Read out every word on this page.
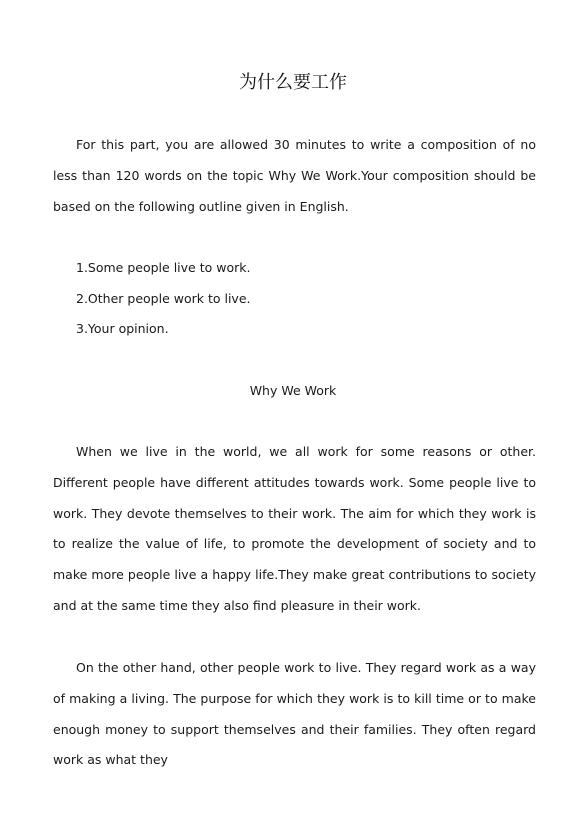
为什么要工作

For this part, you are allowed 30 minutes to write a composition of no less than 120 words on the topic Why We Work.Your composition should be based on the following outline given in English.

1.Some people live to work.
2.Other people work to live.
3.Your opinion.
Why We Work

When we live in the world, we all work for some reasons or other. Different people have different attitudes towards work. Some people live to work. They devote themselves to their work. The aim for which they work is to realize the value of life, to promote the development of society and to make more people live a happy life.They make great contributions to society and at the same time they also find pleasure in their work.

On the other hand, other people work to live. They regard work as a way of making a living. The purpose for which they work is to kill time or to make enough money to support themselves and their families. They often regard work as what they
